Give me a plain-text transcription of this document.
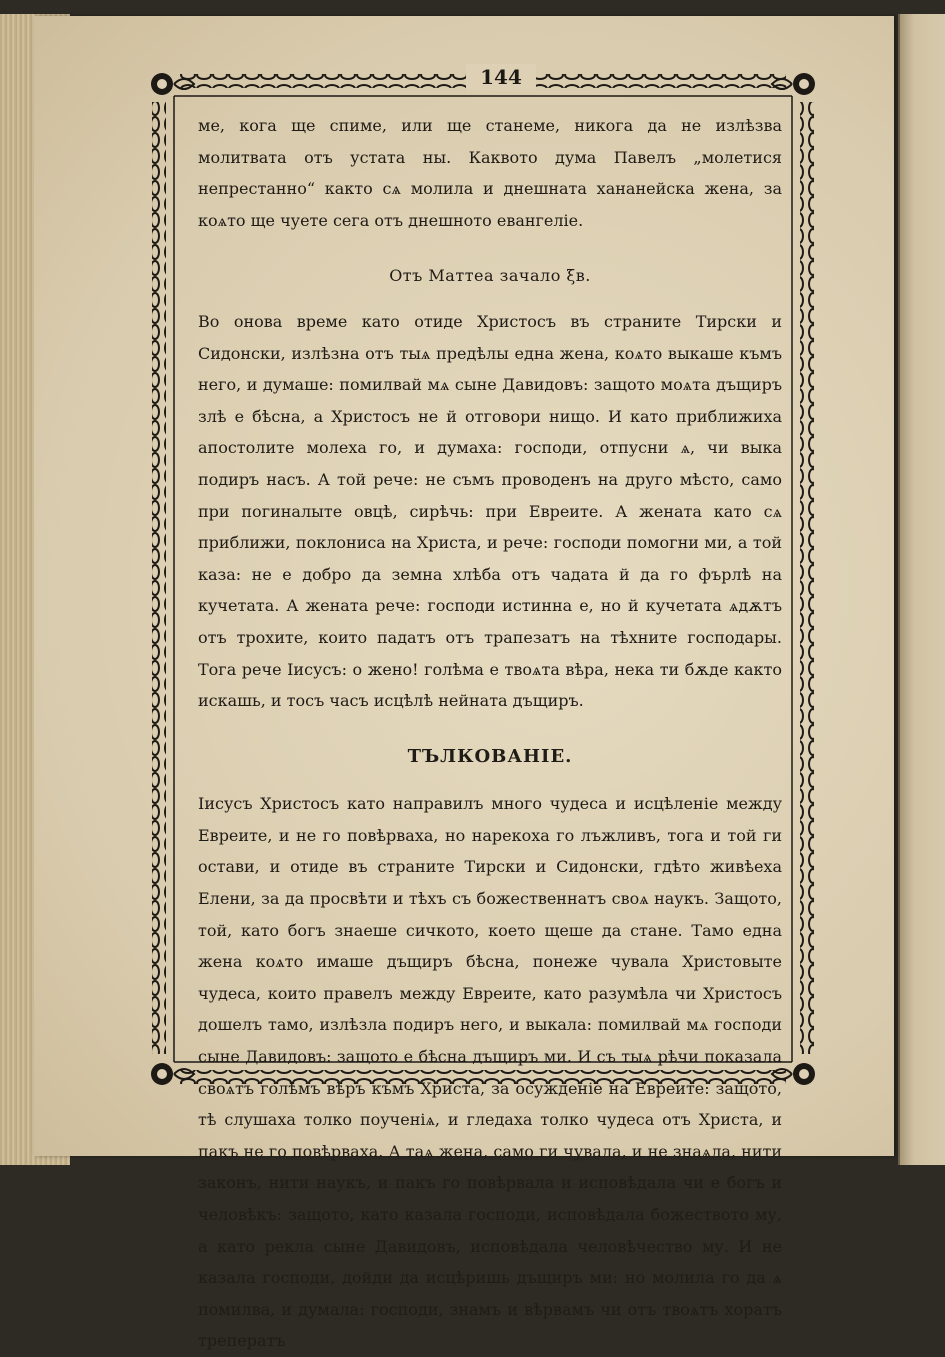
144

ме, кога ще спиме, или ще станеме, никога да не излѣзва молитвата отъ устата ны. Каквото дума Павелъ „молетися непрестанно“ както сѧ молила и днешната хананейска жена, за коѧто ще чуете сега отъ днешното евангеліе.

Отъ Маттеа зачало ξв.

Во онова време като отиде Христосъ въ страните Тирски и Сидонски, излѣзна отъ тыѧ предѣлы една жена, коѧто выкаше къмъ него, и думаше: помилвай мѧ сыне Давидовъ: защото моѧта дъщиръ злѣ е бѣсна, а Христосъ не й отговори нищо. И като приближиха апостолите молеха го, и думаха: господи, отпусни ѧ, чи выка подиръ насъ. А той рече: не съмъ проводенъ на друго мѣсто, само при погиналыте овцѣ, сирѣчь: при Евреите. А жената като сѧ приближи, поклониса на Христа, и рече: господи помогни ми, а той каза: не е добро да земна хлѣба отъ чадата й да го фърлѣ на кучетата. А жената рече: господи истинна е, но й кучетата ѧдѫтъ отъ трохите, които падатъ отъ трапезатъ на тѣхните господары. Тога рече Іисусъ: о жено! голѣма е твоѧта вѣра, нека ти бѫде както искашь, и тосъ часъ исцѣлѣ нейната дъщиръ.

ТЪЛКОВАНІЕ.

Іисусъ Христосъ като направилъ много чудеса и исцѣленіе между Евреите, и не го повѣрваха, но нарекоха го лъжливъ, тога и той ги остави, и отиде въ страните Тирски и Сидонски, гдѣто живѣеха Елени, за да просвѣти и тѣхъ съ божественнатъ своѧ наукъ. Защото, той, като богъ знаеше сичкото, което щеше да стане. Тамо една жена коѧто имаше дъщиръ бѣсна, понеже чувала Христовыте чудеса, които правелъ между Евреите, като разумѣла чи Христосъ дошелъ тамо, излѣзла подиръ него, и выкала: помилвай мѧ господи сыне Давидовъ: защото е бѣсна дъщиръ ми. И съ тыѧ рѣчи показала своѧтъ голѣмъ вѣръ къмъ Христа, за осужденіе на Евреите: защото, тѣ слушаха толко поученіѧ, и гледаха толко чудеса отъ Христа, и пакъ не го повѣрваха. А таѧ жена, само ги чувала, и не знаѧла, нити законъ, нити наукъ, и пакъ го повѣрвала и исповѣдала чи е богъ и человѣкъ: защото, като казала господи, исповѣдала божеството му, а като рекла сыне Давидовъ, исповѣдала человѣчество му. И не казала господи, дойди да исцѣришь дъщиръ ми: но молила го да ѧ помилва, и думала: господи, знамъ и вѣрвамъ чи отъ твоѧтъ хоратъ треператъ
